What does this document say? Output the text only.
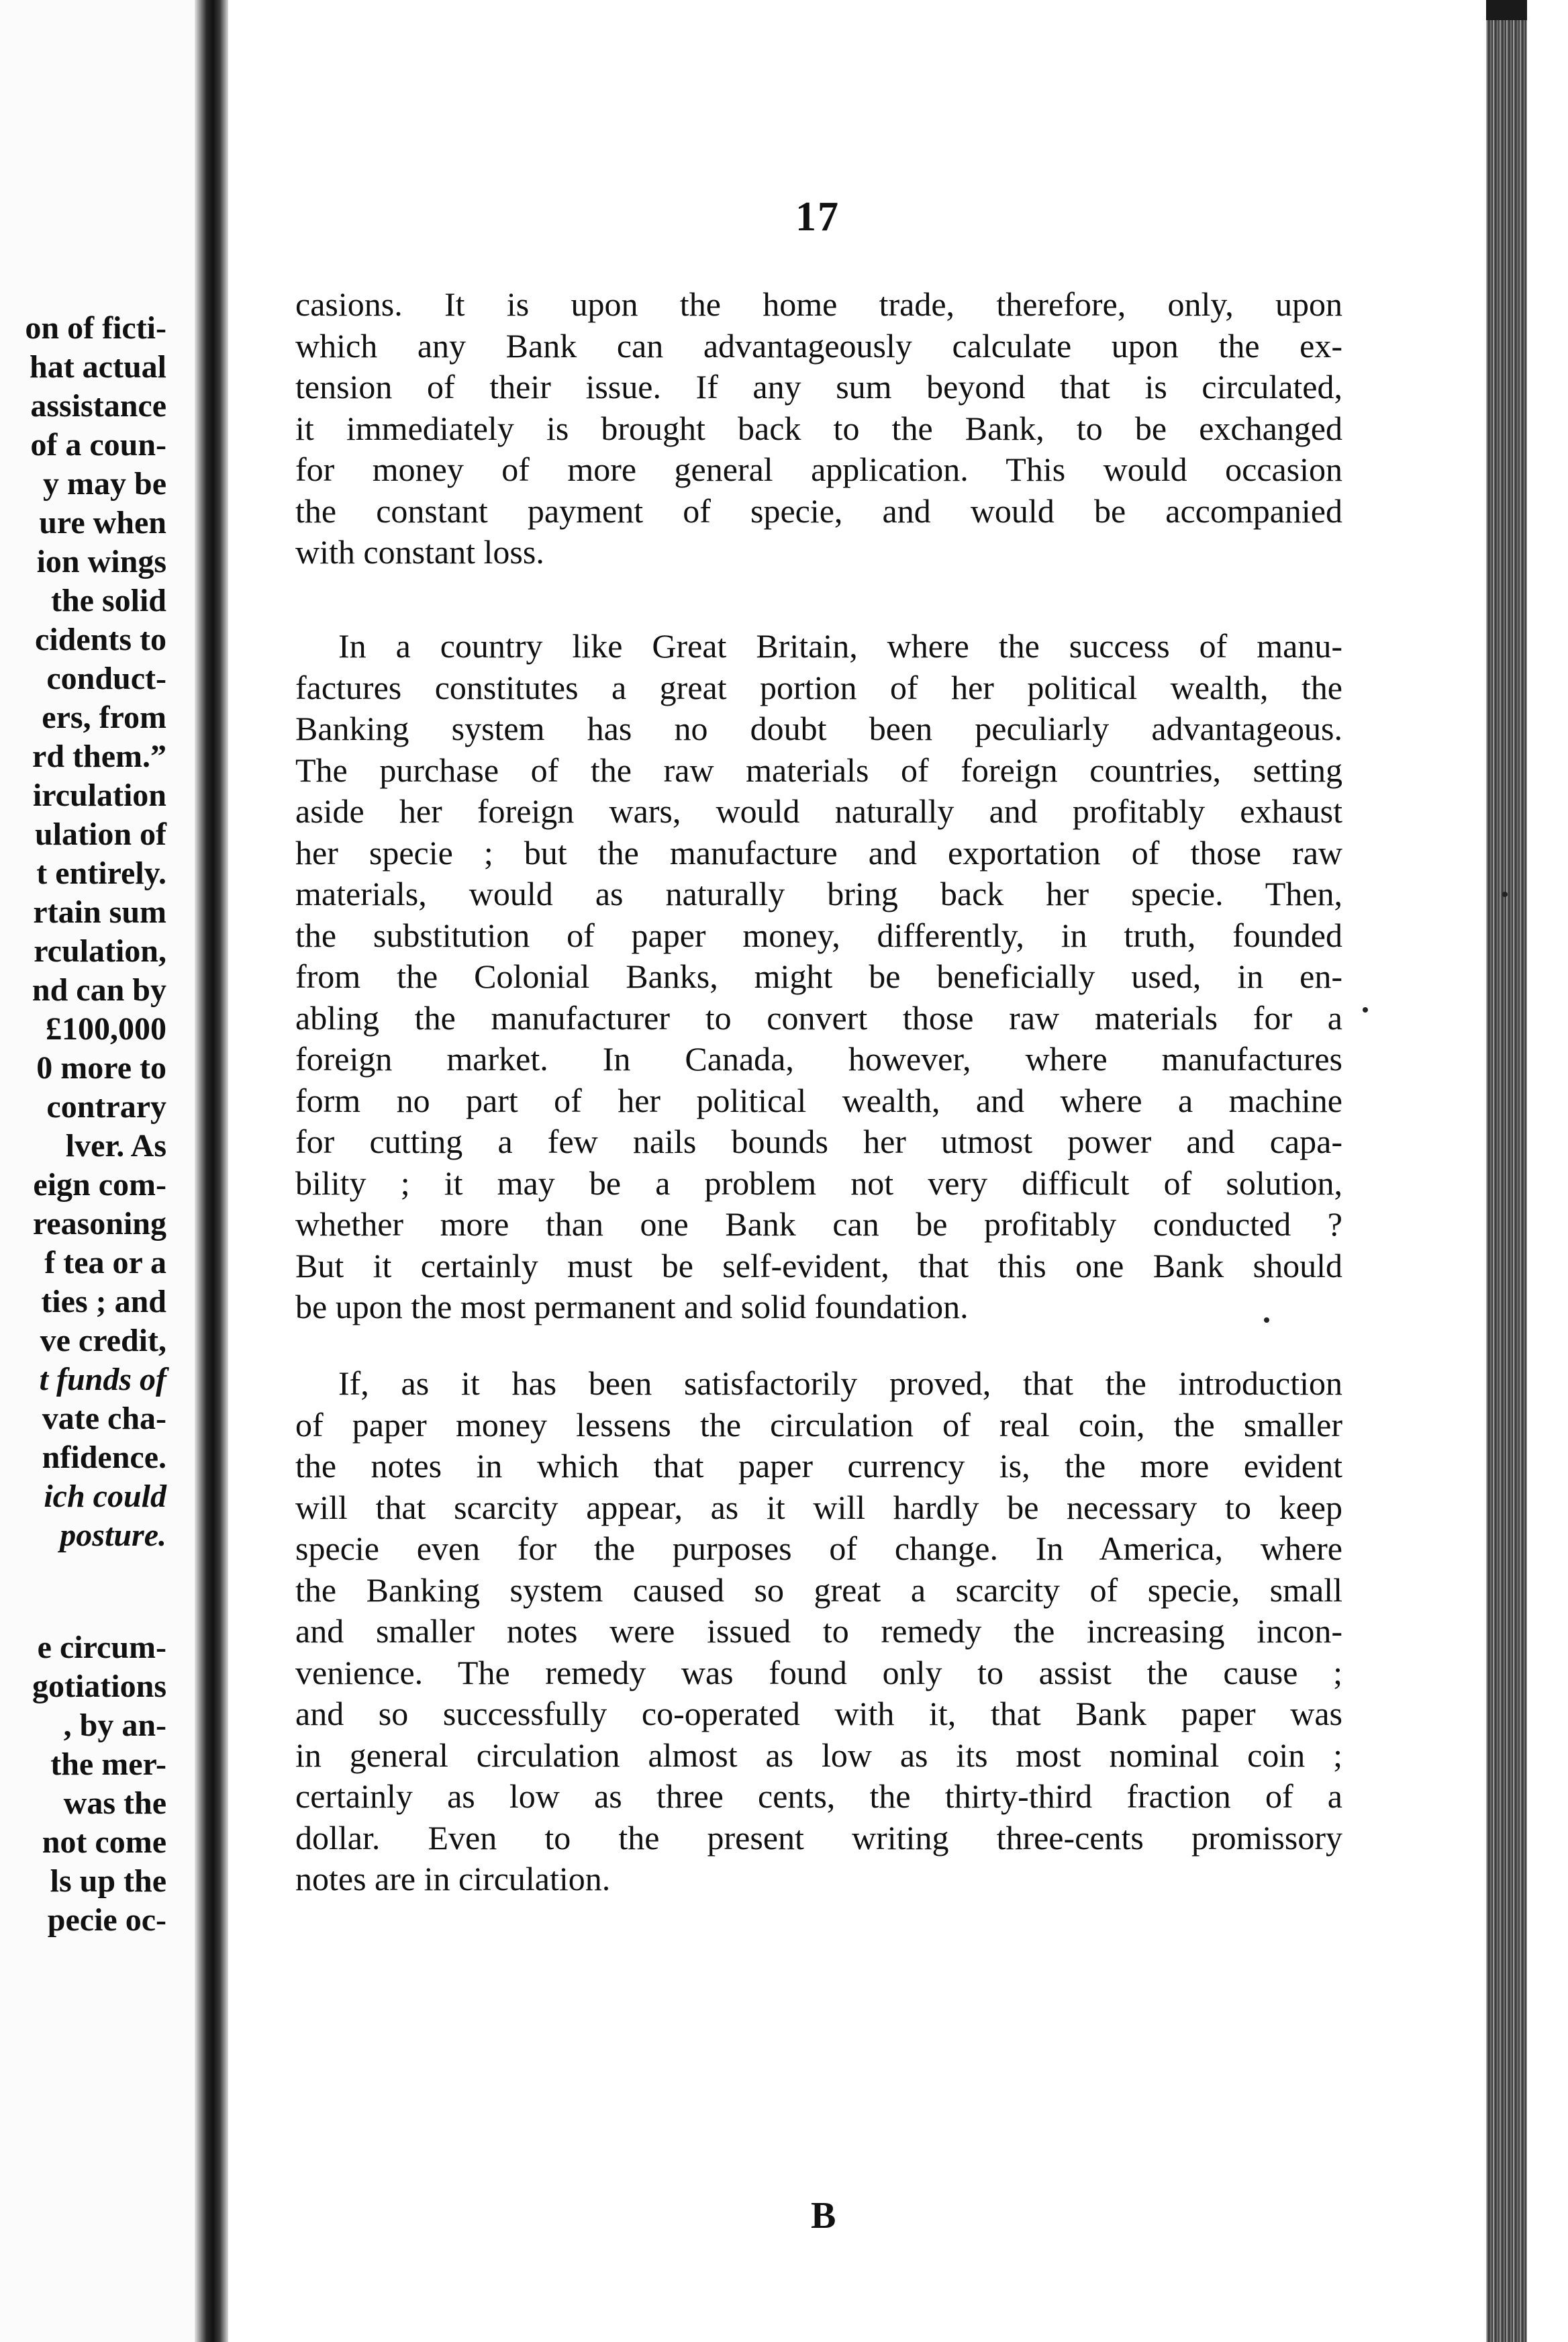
on of ficti-
hat actual
assistance
of a coun-
y may be
ure when
ion wings
the solid
cidents to
conduct-
ers, from
rd them.”
irculation
ulation of
t entirely.
rtain sum
rculation,
nd can by
£100,000
0 more to
contrary
lver. As
eign com-
reasoning
f tea or a
ties ; and
ve credit,
t funds of
vate cha-
nfidence.
ich could
posture.
e circum-
gotiations
, by an-
the mer-
was the
not come
ls up the
pecie oc-
17
casions. It is upon the home trade, therefore, only, upon
which any Bank can advantageously calculate upon the ex-
tension of their issue. If any sum beyond that is circulated,
it immediately is brought back to the Bank, to be exchanged
for money of more general application. This would occasion
the constant payment of specie, and would be accompanied
with constant loss.
In a country like Great Britain, where the success of manu-
factures constitutes a great portion of her political wealth, the
Banking system has no doubt been peculiarly advantageous.
The purchase of the raw materials of foreign countries, setting
aside her foreign wars, would naturally and profitably exhaust
her specie ; but the manufacture and exportation of those raw
materials, would as naturally bring back her specie. Then,
the substitution of paper money, differently, in truth, founded
from the Colonial Banks, might be beneficially used, in en-
abling the manufacturer to convert those raw materials for a
foreign market. In Canada, however, where manufactures
form no part of her political wealth, and where a machine
for cutting a few nails bounds her utmost power and capa-
bility ; it may be a problem not very difficult of solution,
whether more than one Bank can be profitably conducted ?
But it certainly must be self-evident, that this one Bank should
be upon the most permanent and solid foundation.
If, as it has been satisfactorily proved, that the introduction
of paper money lessens the circulation of real coin, the smaller
the notes in which that paper currency is, the more evident
will that scarcity appear, as it will hardly be necessary to keep
specie even for the purposes of change. In America, where
the Banking system caused so great a scarcity of specie, small
and smaller notes were issued to remedy the increasing incon-
venience. The remedy was found only to assist the cause ;
and so successfully co-operated with it, that Bank paper was
in general circulation almost as low as its most nominal coin ;
certainly as low as three cents, the thirty-third fraction of a
dollar. Even to the present writing three-cents promissory
notes are in circulation.
B
